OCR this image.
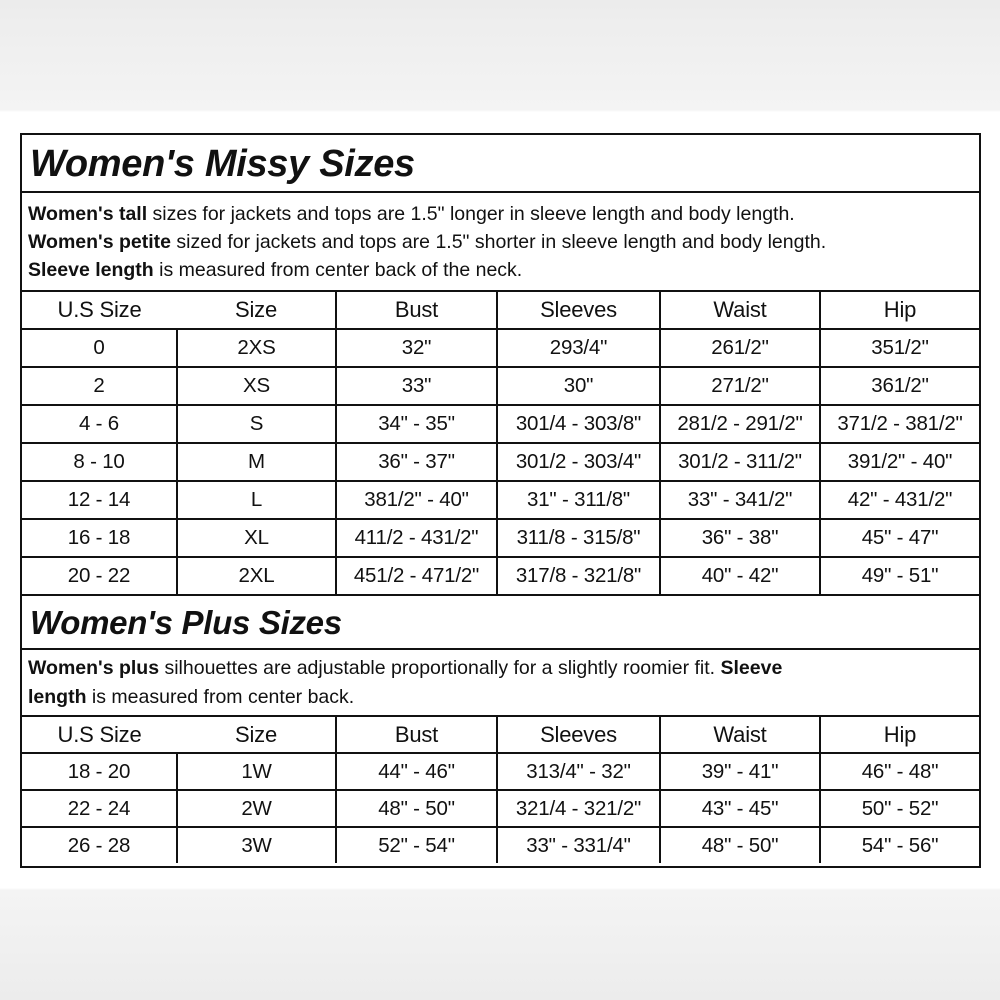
Women's Missy Sizes
Women's tall sizes for jackets and tops are 1.5" longer in sleeve length and body length.
Women's petite sized for jackets and tops are 1.5" shorter in sleeve length and body length.
Sleeve length is measured from center back of the neck.
U.S Size	Size	Bust	Sleeves	Waist	Hip
0	2XS	32"	293/4"	261/2"	351/2"
2	XS	33"	30"	271/2"	361/2"
4 - 6	S	34" - 35"	301/4 - 303/8"	281/2 - 291/2"	371/2 - 381/2"
8 - 10	M	36" - 37"	301/2 - 303/4"	301/2 - 311/2"	391/2" - 40"
12 - 14	L	381/2" - 40"	31" - 311/8"	33" - 341/2"	42" - 431/2"
16 - 18	XL	411/2 - 431/2"	311/8 - 315/8"	36" - 38"	45" - 47"
20 - 22	2XL	451/2 - 471/2"	317/8 - 321/8"	40" - 42"	49" - 51"
Women's Plus Sizes
Women's plus silhouettes are adjustable proportionally for a slightly roomier fit. Sleeve
length is measured from center back.
U.S Size	Size	Bust	Sleeves	Waist	Hip
18 - 20	1W	44" - 46"	313/4" - 32"	39" - 41"	46" - 48"
22 - 24	2W	48" - 50"	321/4 - 321/2"	43" - 45"	50" - 52"
26 - 28	3W	52" - 54"	33" - 331/4"	48" - 50"	54" - 56"
